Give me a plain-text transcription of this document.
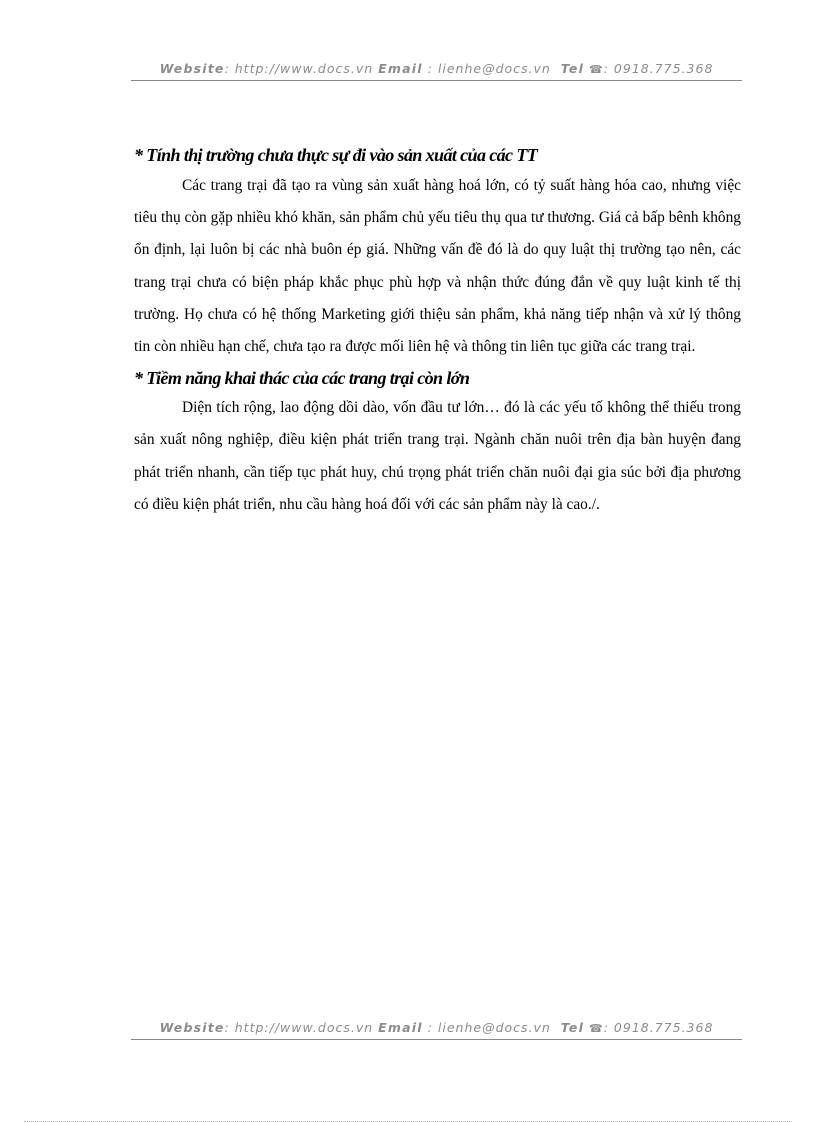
Website: http://www.docs.vn Email : lienhe@docs.vn Tel ☎: 0918.775.368

* Tính thị trường chưa thực sự đi vào sản xuất của các TT

Các trang trại đã tạo ra vùng sản xuất hàng hoá lớn, có tỷ suất hàng hóa cao, nhưng việc tiêu thụ còn gặp nhiều khó khăn, sản phẩm chủ yếu tiêu thụ qua tư thương. Giá cả bấp bênh không ổn định, lại luôn bị các nhà buôn ép giá. Những vấn đề đó là do quy luật thị trường tạo nên, các trang trại chưa có biện pháp khắc phục phù hợp và nhận thức đúng đắn về quy luật kinh tế thị trường. Họ chưa có hệ thống Marketing giới thiệu sản phẩm, khả năng tiếp nhận và xử lý thông tin còn nhiều hạn chế, chưa tạo ra được mối liên hệ và thông tin liên tục giữa các trang trại.

* Tiềm năng khai thác của các trang trại còn lớn

Diện tích rộng, lao động dồi dào, vốn đầu tư lớn… đó là các yếu tố không thể thiếu trong sản xuất nông nghiệp, điều kiện phát triển trang trại. Ngành chăn nuôi trên địa bàn huyện đang phát triển nhanh, cần tiếp tục phát huy, chú trọng phát triển chăn nuôi đại gia súc bởi địa phương có điều kiện phát triển, nhu cầu hàng hoá đối với các sản phẩm này là cao./.

Website: http://www.docs.vn Email : lienhe@docs.vn Tel ☎: 0918.775.368
